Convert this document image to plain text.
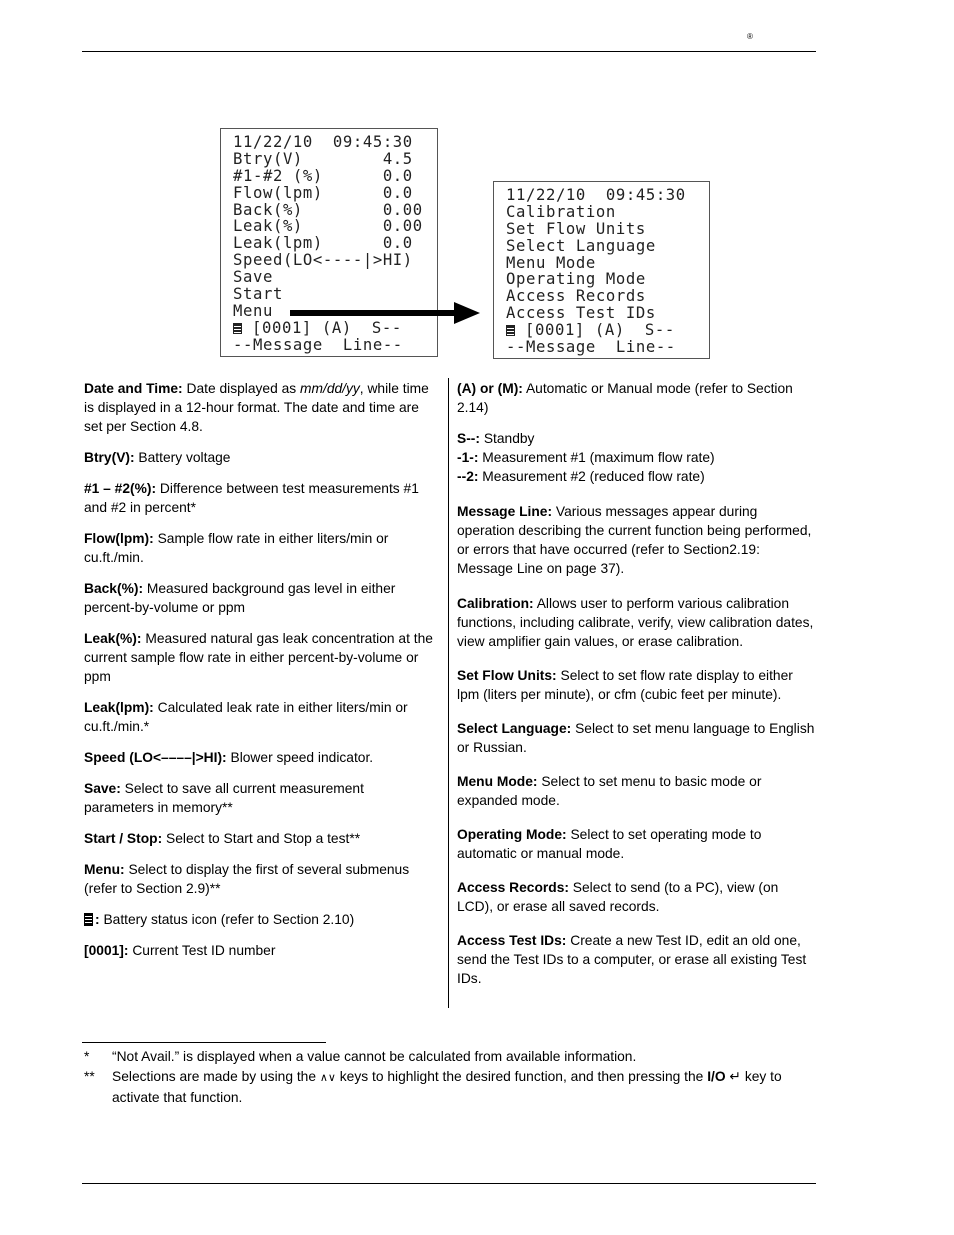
®
11/22/10  09:45:30
Btry(V)        4.5
#1-#2 (%)      0.0
Flow(lpm)      0.0
Back(%)        0.00
Leak(%)        0.00
Leak(lpm)      0.0
Speed(LO<----|>HI)
Save
Start
Menu
[0001] (A)  S--
--Message  Line--
11/22/10  09:45:30
Calibration
Set Flow Units
Select Language
Menu Mode
Operating Mode
Access Records
Access Test IDs
[0001] (A)  S--
--Message  Line--

Date and Time: Date displayed as mm/dd/yy, while time is displayed in a 12-hour format. The date and time are set per Section 4.8.

Btry(V): Battery voltage

#1 – #2(%): Difference between test measurements #1 and #2 in percent*

Flow(lpm): Sample flow rate in either liters/min or cu.ft./min.

Back(%): Measured background gas level in either percent-by-volume or ppm

Leak(%): Measured natural gas leak concentration at the current sample flow rate in either percent-by-volume or ppm

Leak(lpm): Calculated leak rate in either liters/min or cu.ft./min.*

Speed (LO<––––|>HI): Blower speed indicator.

Save: Select to save all current measurement parameters in memory**

Start / Stop: Select to Start and Stop a test**

Menu: Select to display the first of several submenus (refer to Section 2.9)**

: Battery status icon (refer to Section 2.10)

[0001]: Current Test ID number

(A) or (M): Automatic or Manual mode (refer to Section 2.14)

S--: Standby

-1-: Measurement #1 (maximum flow rate)

--2: Measurement #2 (reduced flow rate)

Message Line: Various messages appear during operation describing the current function being performed, or errors that have occurred (refer to Section2.19: Message Line on page 37).

Calibration: Allows user to perform various calibration functions, including calibrate, verify, view calibration dates, view amplifier gain values, or erase calibration.

Set Flow Units: Select to set flow rate display to either lpm (liters per minute), or cfm (cubic feet per minute).

Select Language: Select to set menu language to English or Russian.

Menu Mode: Select to set menu to basic mode or expanded mode.

Operating Mode: Select to set operating mode to automatic or manual mode.

Access Records: Select to send (to a PC), view (on LCD), or erase all saved records.

Access Test IDs: Create a new Test ID, edit an old one, send the Test IDs to a computer, or erase all existing Test IDs.

* “Not Avail.” is displayed when a value cannot be calculated from available information.
** Selections are made by using the ∧∨ keys to highlight the desired function, and then pressing the I/O ↵ key to activate that function.
